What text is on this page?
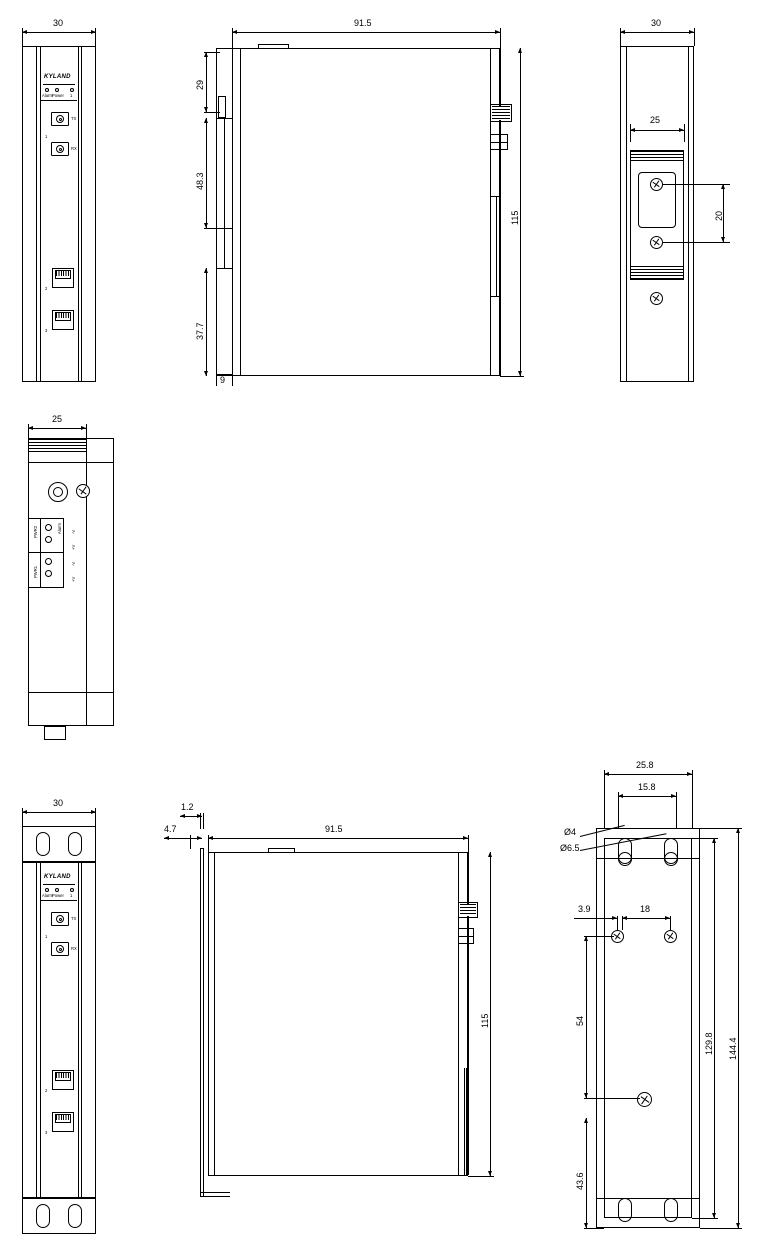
30
KYLAND
Alarm Power 1
1
TX
RX
2
3
91.5
29
48.3
37.7
9
115
30
25
20
25
PWR2
PWR1
-V
+V
-V
+V
Alarm
30
KYLAND
Alarm Power 1
1
TX
RX
2
3
1.2
4.7	91.5
115
25.8
15.8
Ø4
Ø6.5
3.9	18
54
43.6
129.8 144.4
